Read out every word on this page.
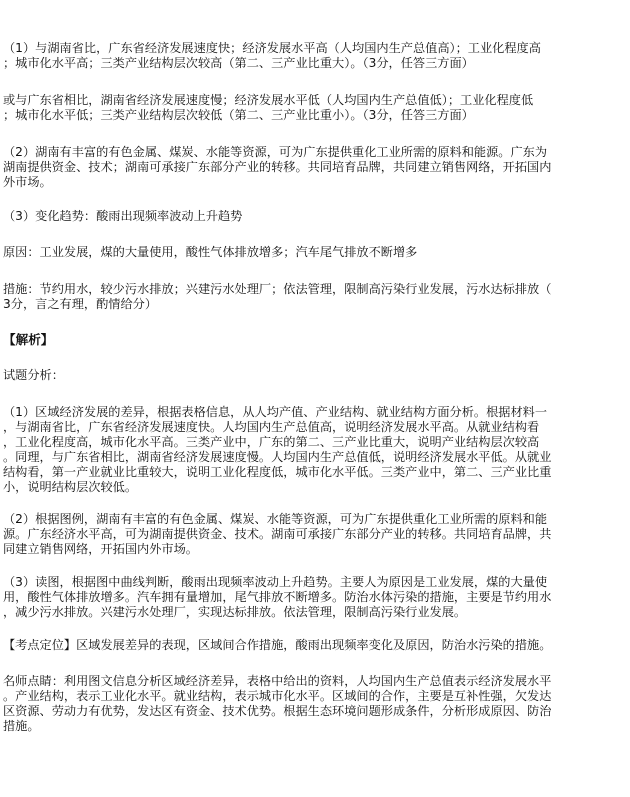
（1）与湖南省比，广东省经济发展速度快；经济发展水平高（人均国内生产总值高）；工业化程度高
；城市化水平高；三类产业结构层次较高（第二、三产业比重大）。（3分，任答三方面）

或与广东省相比，湖南省经济发展速度慢；经济发展水平低（人均国内生产总值低）；工业化程度低
；城市化水平低；三类产业结构层次较低（第二、三产业比重小）。（3分，任答三方面）

（2）湖南有丰富的有色金属、煤炭、水能等资源，可为广东提供重化工业所需的原料和能源。广东为
湖南提供资金、技术；湖南可承接广东部分产业的转移。共同培育品牌，共同建立销售网络，开拓国内
外市场。

（3）变化趋势：酸雨出现频率波动上升趋势

原因：工业发展，煤的大量使用，酸性气体排放增多；汽车尾气排放不断增多

措施：节约用水，较少污水排放；兴建污水处理厂；依法管理，限制高污染行业发展，污水达标排放（
3分，言之有理，酌情给分）

【解析】

试题分析：

（1）区域经济发展的差异，根据表格信息，从人均产值、产业结构、就业结构方面分析。根据材料一
，与湖南省比，广东省经济发展速度快。人均国内生产总值高，说明经济发展水平高。从就业结构看
，工业化程度高，城市化水平高。三类产业中，广东的第二、三产业比重大，说明产业结构层次较高
。同理，与广东省相比，湖南省经济发展速度慢。人均国内生产总值低，说明经济发展水平低。从就业
结构看，第一产业就业比重较大，说明工业化程度低，城市化水平低。三类产业中，第二、三产业比重
小，说明结构层次较低。

（2）根据图例，湖南有丰富的有色金属、煤炭、水能等资源，可为广东提供重化工业所需的原料和能
源。广东经济水平高，可为湖南提供资金、技术。湖南可承接广东部分产业的转移。共同培育品牌，共
同建立销售网络，开拓国内外市场。

（3）读图，根据图中曲线判断，酸雨出现频率波动上升趋势。主要人为原因是工业发展，煤的大量使
用，酸性气体排放增多。汽车拥有量增加，尾气排放不断增多。防治水体污染的措施，主要是节约用水
，减少污水排放。兴建污水处理厂，实现达标排放。依法管理，限制高污染行业发展。

【考点定位】区域发展差异的表现，区域间合作措施，酸雨出现频率变化及原因，防治水污染的措施。

名师点睛：利用图文信息分析区域经济差异，表格中给出的资料，人均国内生产总值表示经济发展水平
。产业结构，表示工业化水平。就业结构，表示城市化水平。区域间的合作，主要是互补性强，欠发达
区资源、劳动力有优势，发达区有资金、技术优势。根据生态环境问题形成条件，分析形成原因、防治
措施。
